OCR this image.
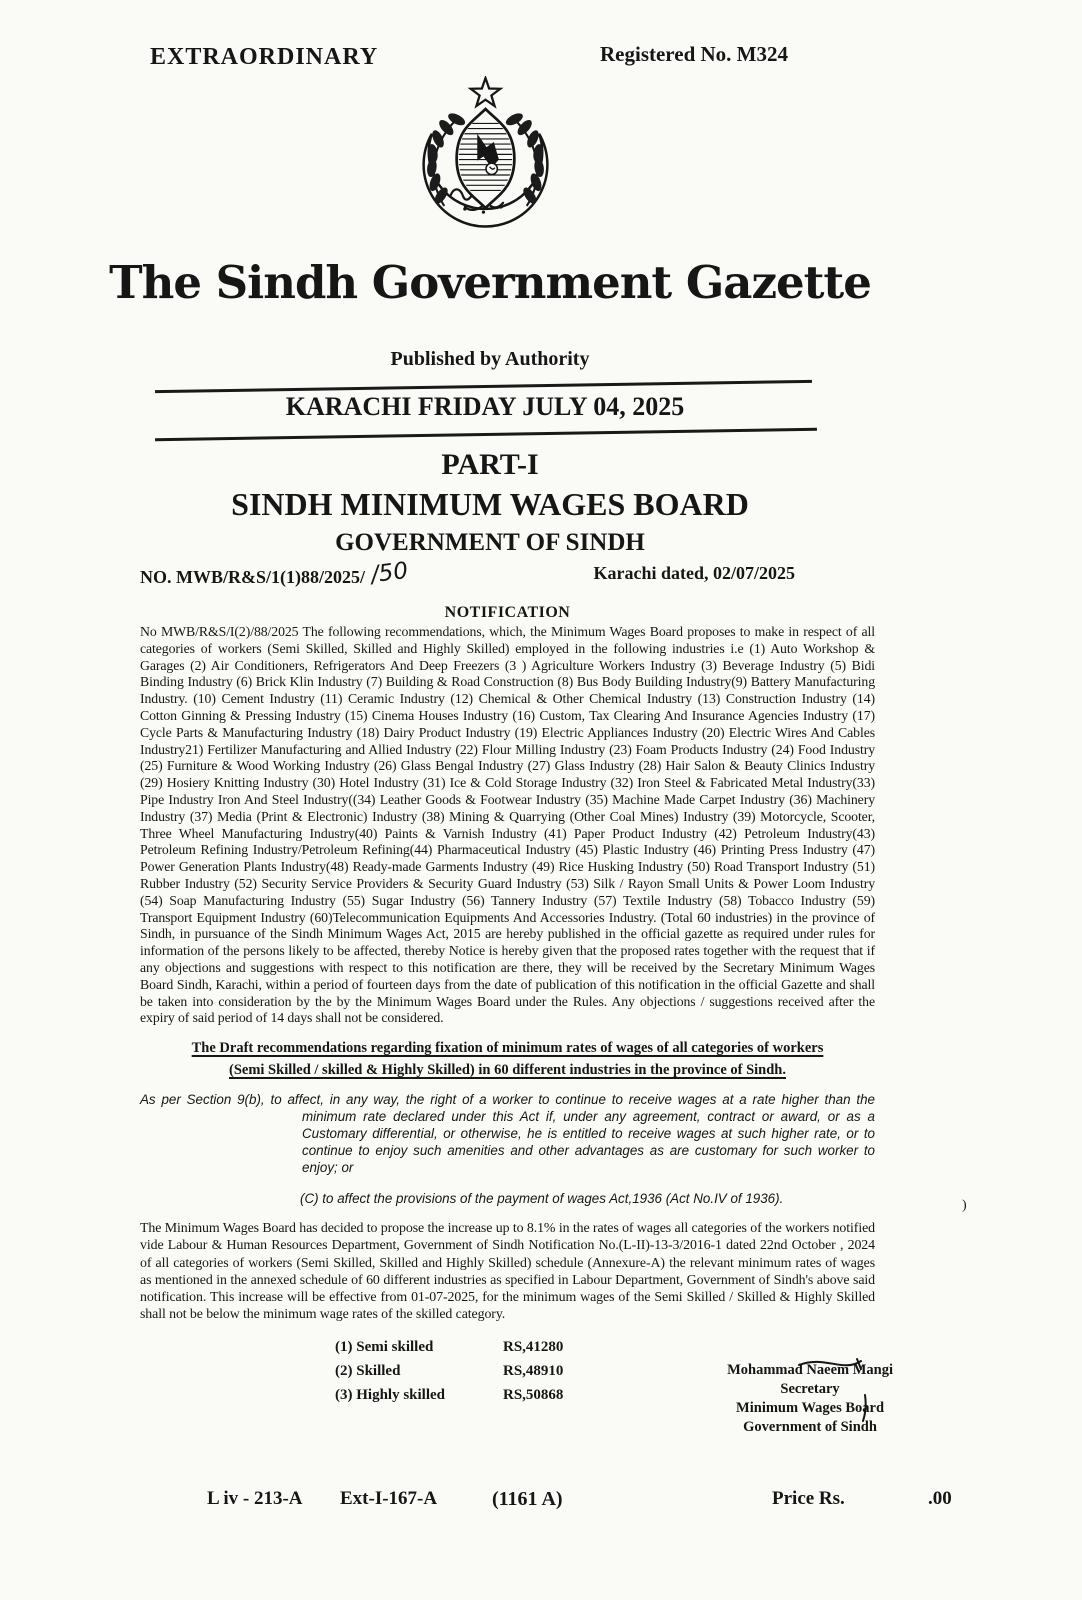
EXTRAORDINARY	Registered No. M324
The Sindh Government Gazette
Published by Authority
KARACHI FRIDAY JULY 04, 2025
PART-I
SINDH MINIMUM WAGES BOARD
GOVERNMENT OF SINDH
NO. MWB/R&S/1(1)88/2025/ /50	Karachi dated, 02/07/2025
NOTIFICATION
No MWB/R&S/I(2)/88/2025 The following recommendations, which, the Minimum Wages Board proposes to make in respect of all categories of workers (Semi Skilled, Skilled and Highly Skilled) employed in the following industries i.e (1) Auto Workshop & Garages (2) Air Conditioners, Refrigerators And Deep Freezers (3 ) Agriculture Workers Industry (3) Beverage Industry (5) Bidi Binding Industry (6) Brick Klin Industry (7) Building & Road Construction (8) Bus Body Building Industry(9) Battery Manufacturing Industry. (10) Cement Industry (11) Ceramic Industry (12) Chemical & Other Chemical Industry (13) Construction Industry (14) Cotton Ginning & Pressing Industry (15) Cinema Houses Industry (16) Custom, Tax Clearing And Insurance Agencies Industry (17) Cycle Parts & Manufacturing Industry (18) Dairy Product Industry (19) Electric Appliances Industry (20) Electric Wires And Cables Industry21) Fertilizer Manufacturing and Allied Industry (22) Flour Milling Industry (23) Foam Products Industry (24) Food Industry (25) Furniture & Wood Working Industry (26) Glass Bengal Industry (27) Glass Industry (28) Hair Salon & Beauty Clinics Industry (29) Hosiery Knitting Industry (30) Hotel Industry (31) Ice & Cold Storage Industry (32) Iron Steel & Fabricated Metal Industry(33) Pipe Industry Iron And Steel Industry((34) Leather Goods & Footwear Industry (35) Machine Made Carpet Industry (36) Machinery Industry (37) Media (Print & Electronic) Industry (38) Mining & Quarrying (Other Coal Mines) Industry (39) Motorcycle, Scooter, Three Wheel Manufacturing Industry(40) Paints & Varnish Industry (41) Paper Product Industry (42) Petroleum Industry(43) Petroleum Refining Industry/Petroleum Refining(44) Pharmaceutical Industry (45) Plastic Industry (46) Printing Press Industry (47) Power Generation Plants Industry(48) Ready-made Garments Industry (49) Rice Husking Industry (50) Road Transport Industry (51) Rubber Industry (52) Security Service Providers & Security Guard Industry (53) Silk / Rayon Small Units & Power Loom Industry (54) Soap Manufacturing Industry (55) Sugar Industry (56) Tannery Industry (57) Textile Industry (58) Tobacco Industry (59) Transport Equipment Industry (60)Telecommunication Equipments And Accessories Industry. (Total 60 industries) in the province of Sindh, in pursuance of the Sindh Minimum Wages Act, 2015 are hereby published in the official gazette as required under rules for information of the persons likely to be affected, thereby Notice is hereby given that the proposed rates together with the request that if any objections and suggestions with respect to this notification are there, they will be received by the Secretary Minimum Wages Board Sindh, Karachi, within a period of fourteen days from the date of publication of this notification in the official Gazette and shall be taken into consideration by the by the Minimum Wages Board under the Rules. Any objections / suggestions received after the expiry of said period of 14 days shall not be considered.
The Draft recommendations regarding fixation of minimum rates of wages of all categories of workers
(Semi Skilled / skilled & Highly Skilled) in 60 different industries in the province of Sindh.
As per Section 9(b), to affect, in any way, the right of a worker to continue to receive wages at a rate higher than the minimum rate declared under this Act if, under any agreement, contract or award, or as a Customary differential, or otherwise, he is entitled to receive wages at such higher rate, or to continue to enjoy such amenities and other advantages as are customary for such worker to enjoy; or
(C) to affect the provisions of the payment of wages Act,1936 (Act No.IV of 1936).
The Minimum Wages Board has decided to propose the increase up to 8.1% in the rates of wages all categories of the workers notified vide Labour & Human Resources Department, Government of Sindh Notification No.(L-II)-13-3/2016-1 dated 22nd October , 2024 of all categories of workers (Semi Skilled, Skilled and Highly Skilled) schedule (Annexure-A) the relevant minimum rates of wages as mentioned in the annexed schedule of 60 different industries as specified in Labour Department, Government of Sindh's above said notification. This increase will be effective from 01-07-2025, for the minimum wages of the Semi Skilled / Skilled & Highly Skilled shall not be below the minimum wage rates of the skilled category.
(1) Semi skilled	RS,41280
(2) Skilled	RS,48910
(3) Highly skilled	RS,50868
Mohammad Naeem Mangi
Secretary
Minimum Wages Board
Government of Sindh
)
L iv - 213-A Ext-I-167-A	(1161 A)	Price Rs.	.00
